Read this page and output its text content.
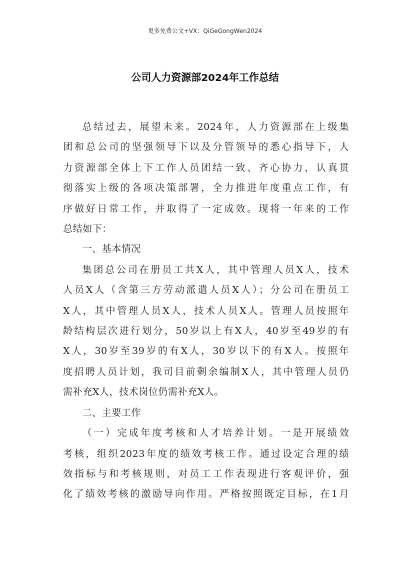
更多免费公文+VX：QiGeGongWen2024
公司人力资源部2024年工作总结
总结过去，展望未来。2024年，人力资源部在上级集
团和总公司的坚强领导下以及分管领导的悉心指导下，人
力资源部全体上下工作人员团结一致、齐心协力，认真贯
彻落实上级的各项决策部署，全力推进年度重点工作，有
序做好日常工作，并取得了一定成效。现将一年来的工作
总结如下：
一、基本情况
集团总公司在册员工共X人，其中管理人员X人，技术
人员X人（含第三方劳动派遣人员X人）；分公司在册员工
X人，其中管理人员X人，技术人员X人。管理人员按照年
龄结构层次进行划分，50岁以上有X人，40岁至49岁的有
X人，30岁至39岁的有X人，30岁以下的有X人。按照年
度招聘人员计划，我司目前剩余编制X人，其中管理人员仍
需补充X人，技术岗位仍需补充X人。
二、主要工作
（一）完成年度考核和人才培养计划。一是开展绩效
考核，组织2023年度的绩效考核工作。通过设定合理的绩
效指标与和考核规则，对员工工作表现进行客观评价，强
化了绩效考核的激励导向作用。严格按照既定目标，在1月
